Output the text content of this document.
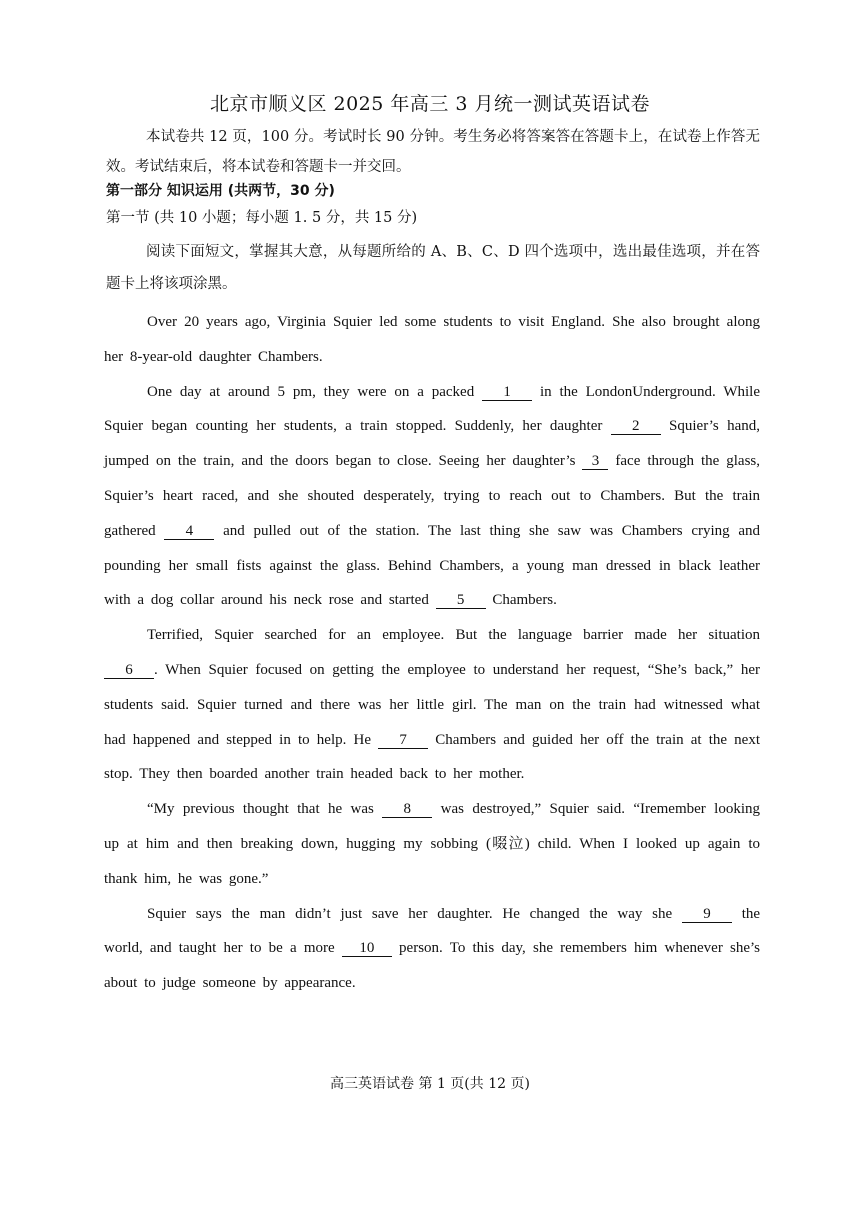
北京市顺义区 2025 年高三 3 月统一测试英语试卷
本试卷共 12 页，100 分。考试时长 90 分钟。考生务必将答案答在答题卡上，在试卷上作答无效。考试结束后，将本试卷和答题卡一并交回。
第一部分 知识运用 (共两节，30 分)
第一节 (共 10 小题；每小题 1. 5 分，共 15 分)
阅读下面短文，掌握其大意，从每题所给的 A、B、C、D 四个选项中，选出最佳选项，并在答题卡上将该项涂黑。

Over 20 years ago, Virginia Squier led some students to visit England. She also brought along her 8-year-old daughter Chambers.

One day at around 5 pm, they were on a packed 1 in the LondonUnderground. While Squier began counting her students, a train stopped. Suddenly, her daughter 2 Squier’s hand, jumped on the train, and the doors began to close. Seeing her daughter’s 3 face through the glass, Squier’s heart raced, and she shouted desperately, trying to reach out to Chambers. But the train gathered 4 and pulled out of the station. The last thing she saw was Chambers crying and pounding her small fists against the glass. Behind Chambers, a young man dressed in black leather with a dog collar around his neck rose and started 5 Chambers.

Terrified, Squier searched for an employee. But the language barrier made her situation 6 . When Squier focused on getting the employee to understand her request, “She’s back,” her students said. Squier turned and there was her little girl. The man on the train had witnessed what had happened and stepped in to help. He 7 Chambers and guided her off the train at the next stop. They then boarded another train headed back to her mother.

“My previous thought that he was 8 was destroyed,” Squier said. “Iremember looking up at him and then breaking down, hugging my sobbing (啜泣) child. When I looked up again to thank him, he was gone.”

Squier says the man didn’t just save her daughter. He changed the way she 9 the world, and taught her to be a more 10 person. To this day, she remembers him whenever she’s about to judge someone by appearance.

高三英语试卷 第 1 页(共 12 页)
